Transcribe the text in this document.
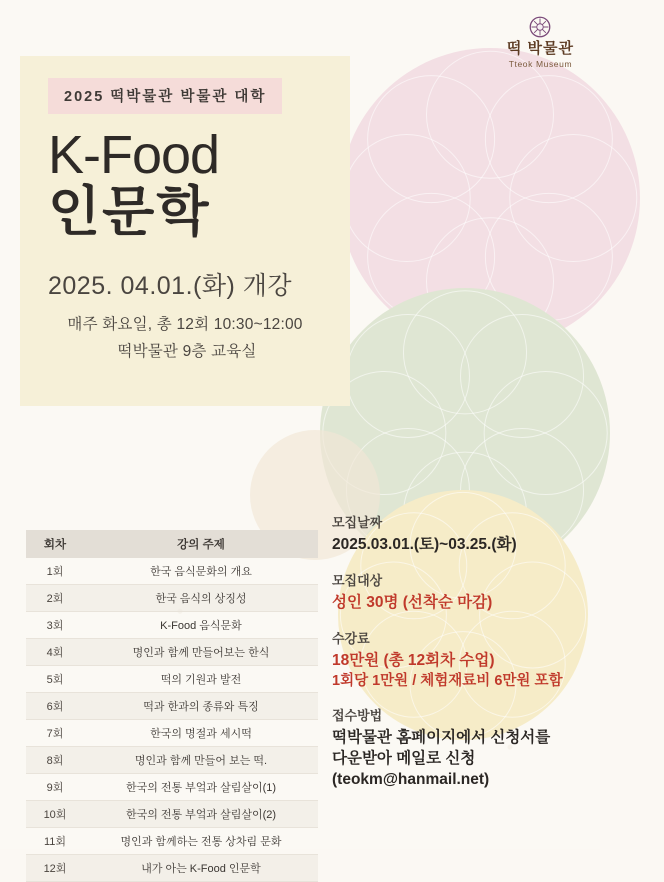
떡 박물관
Tteok Museum
2025 떡박물관 박물관 대학
K-Food
인문학
2025. 04.01.(화) 개강
매주 화요일, 총 12회 10:30~12:00
떡박물관 9층 교육실
회차	강의 주제
1회	한국 음식문화의 개요
2회	한국 음식의 상징성
3회	K-Food 음식문화
4회	명인과 함께 만들어보는 한식
5회	떡의 기원과 발전
6회	떡과 한과의 종류와 특징
7회	한국의 명절과 세시떡
8회	명인과 함께 만들어 보는 떡.
9회	한국의 전통 부엌과 살림살이(1)
10회	한국의 전통 부엌과 살림살이(2)
11회	명인과 함께하는 전통 상차림 문화
12회	내가 아는 K-Food 인문학
모집날짜
2025.03.01.(토)~03.25.(화)
모집대상
성인 30명 (선착순 마감)
수강료
18만원 (총 12회차 수업)
1회당 1만원 / 체험재료비 6만원 포함
접수방법
떡박물관 홈페이지에서 신청서를
다운받아 메일로 신청
(teokm@hanmail.net)
